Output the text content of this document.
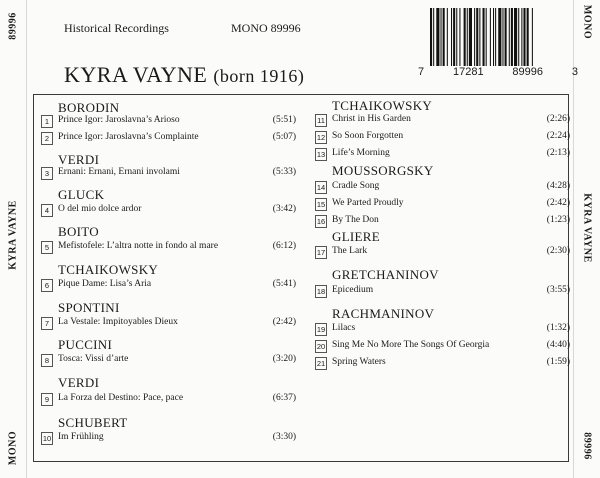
89996
KYRA VAYNE
MONO
MONO
KYRA VAYNE
89996
Historical Recordings	MONO 89996
KYRA VAYNE (born 1916)	7	17281	89996	3
BORODIN
1 Prince Igor: Jaroslavna’s Arioso	(5:51)
2 Prince Igor: Jaroslavna’s Complainte	(5:07)
VERDI
3 Ernani: Ernani, Ernani involami	(5:33)
GLUCK
4 O del mio dolce ardor	(3:42)
BOITO
5 Mefistofele: L’altra notte in fondo al mare	(6:12)
TCHAIKOWSKY
6 Pique Dame: Lisa’s Aria	(5:41)
SPONTINI
7 La Vestale: Impitoyables Dieux	(2:42)
PUCCINI
8 Tosca: Vissi d’arte	(3:20)
VERDI
9 La Forza del Destino: Pace, pace	(6:37)
SCHUBERT
10 Im Frühling	(3:30)
TCHAIKOWSKY
11 Christ in His Garden	(2:26)
12 So Soon Forgotten	(2:24)
13 Life’s Morning	(2:13)
MOUSSORGSKY
14 Cradle Song	(4:28)
15 We Parted Proudly	(2:42)
16 By The Don	(1:23)
GLIERE
17 The Lark	(2:30)
GRETCHANINOV
18 Epicedium	(3:55)
RACHMANINOV
19 Lilacs	(1:32)
20 Sing Me No More The Songs Of Georgia	(4:40)
21 Spring Waters	(1:59)
